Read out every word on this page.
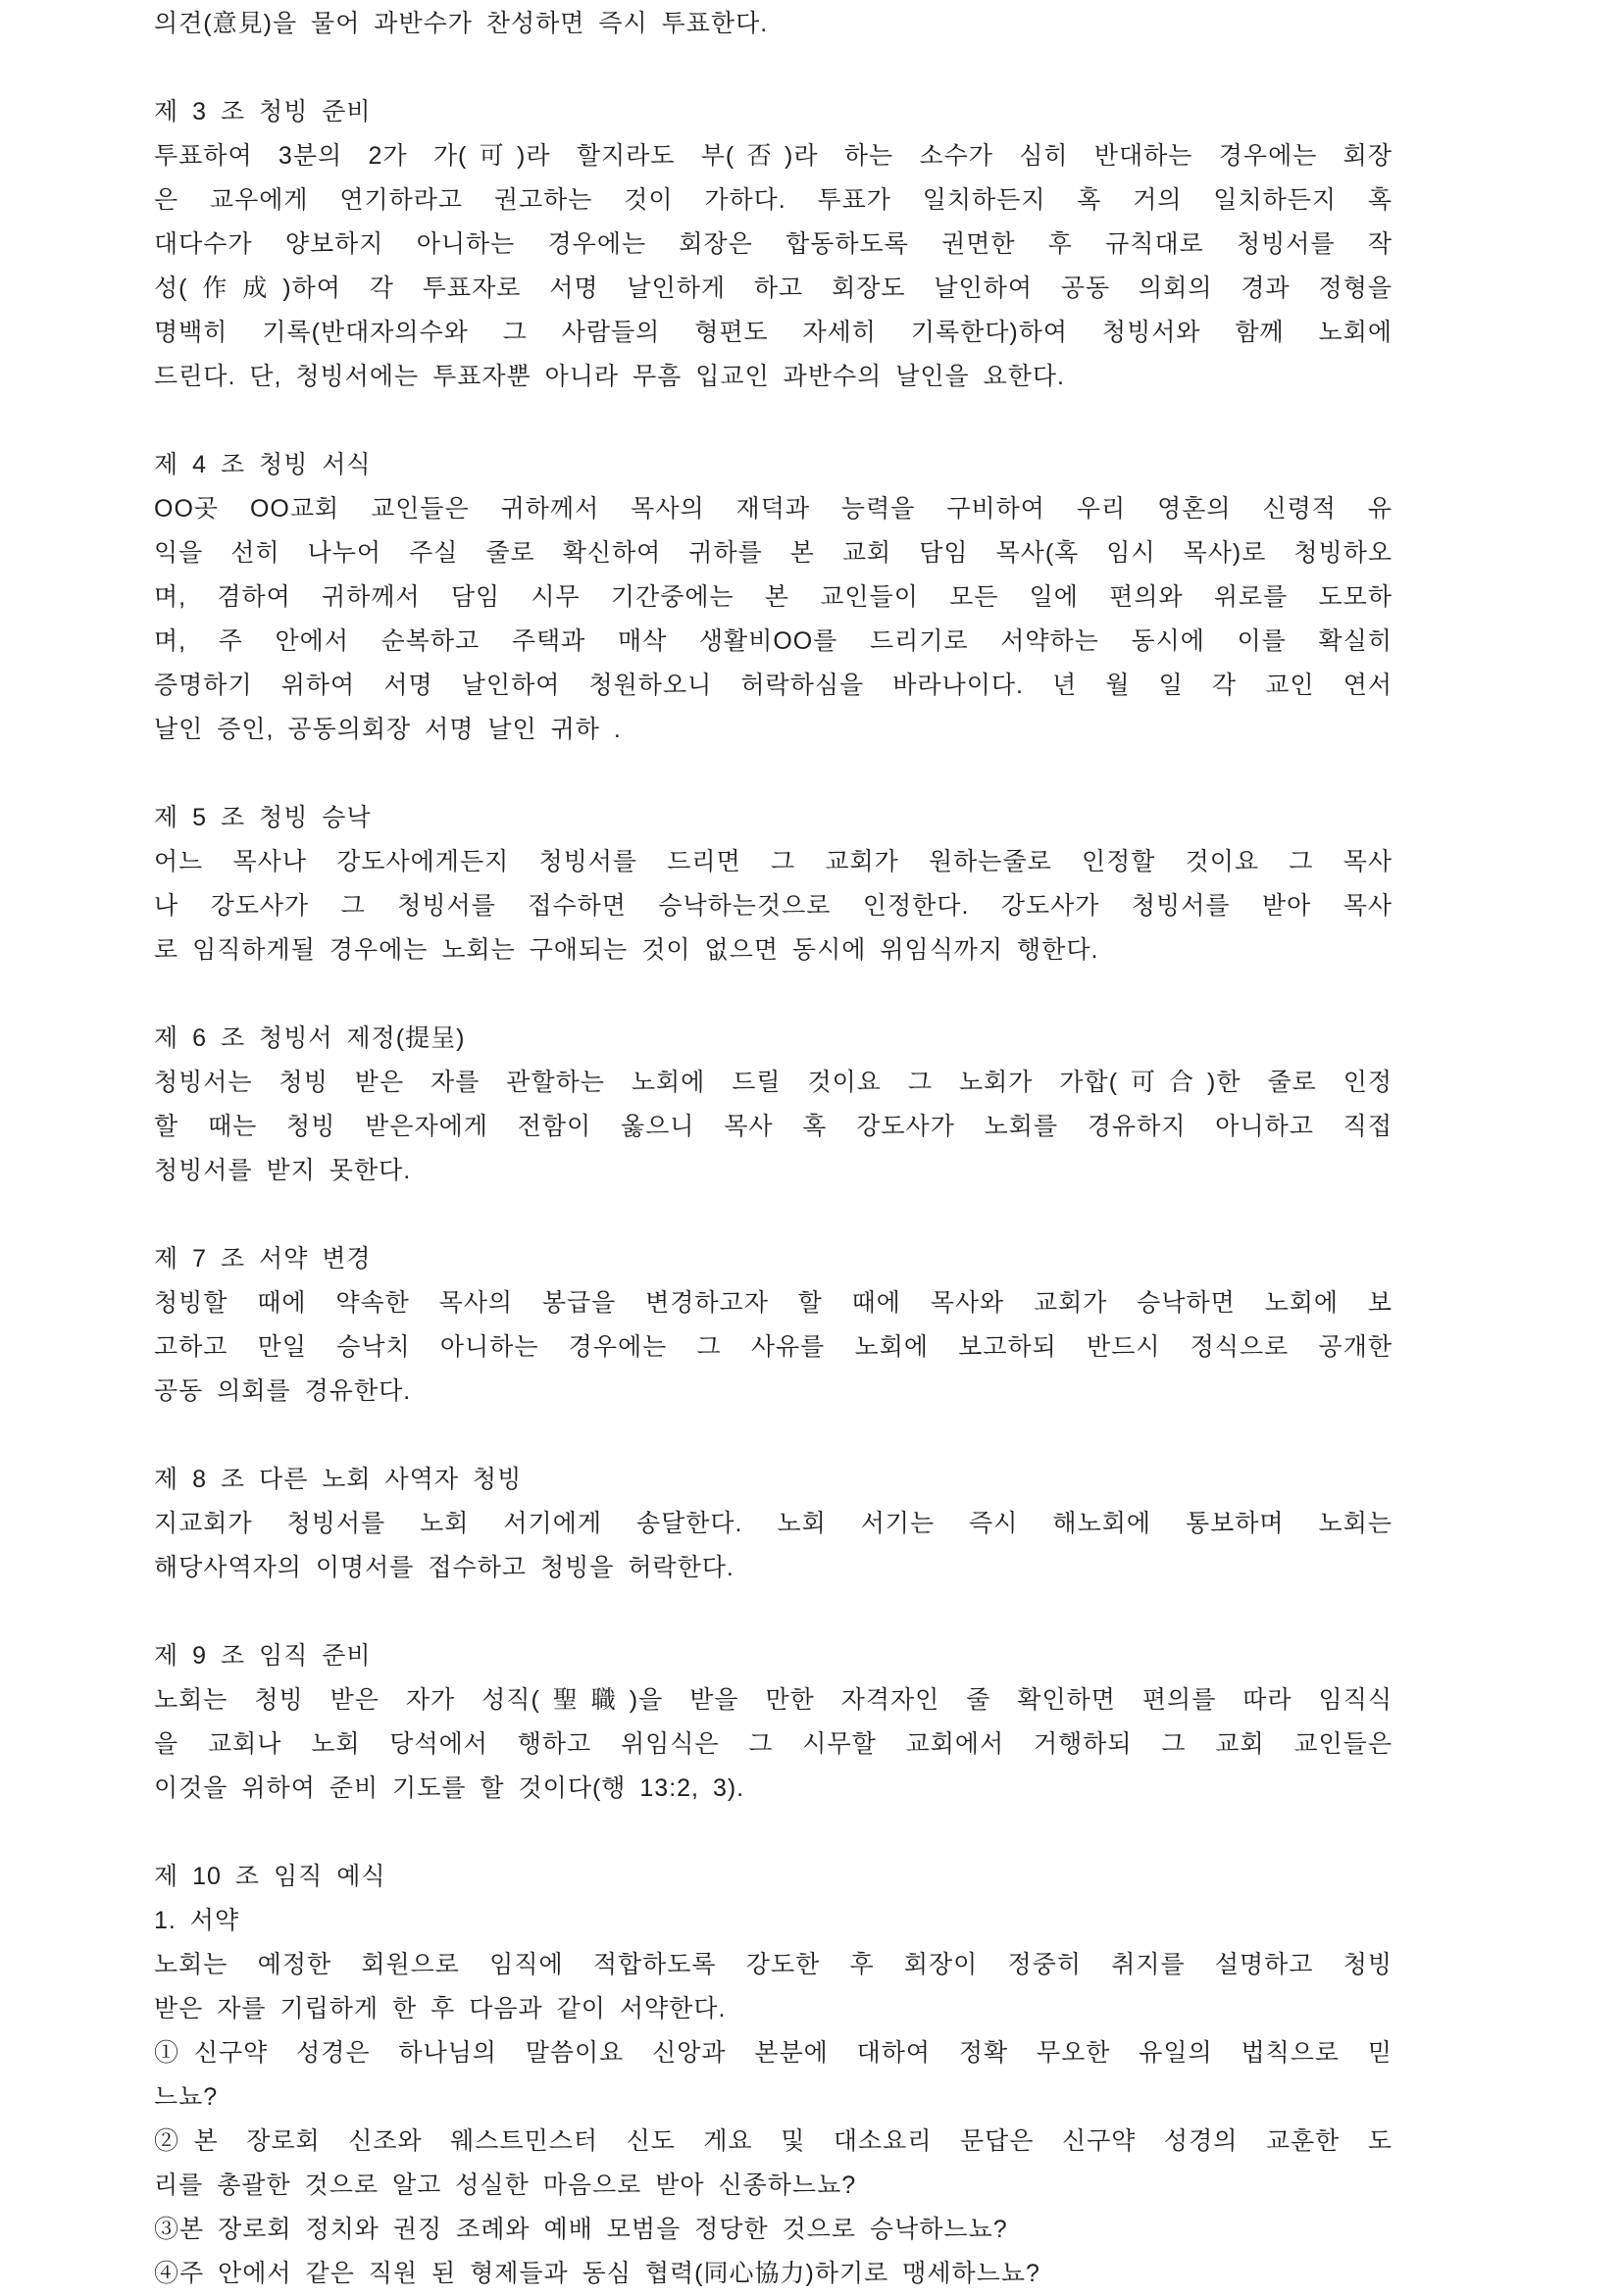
의견(意見)을 물어 과반수가 찬성하면 즉시 투표한다.
제 3 조 청빙 준비
투표하여 3분의 2가 가(可)라 할지라도 부(否)라 하는 소수가 심히 반대하는 경우에는 회장
은 교우에게 연기하라고 권고하는 것이 가하다. 투표가 일치하든지 혹 거의 일치하든지 혹
대다수가 양보하지 아니하는 경우에는 회장은 합동하도록 권면한 후 규칙대로 청빙서를 작
성(作成)하여 각 투표자로 서명 날인하게 하고 회장도 날인하여 공동 의회의 경과 정형을
명백히 기록(반대자의수와 그 사람들의 형편도 자세히 기록한다)하여 청빙서와 함께 노회에
드린다. 단, 청빙서에는 투표자뿐 아니라 무흠 입교인 과반수의 날인을 요한다.
제 4 조 청빙 서식
OO곳 OO교회 교인들은 귀하께서 목사의 재덕과 능력을 구비하여 우리 영혼의 신령적 유
익을 선히 나누어 주실 줄로 확신하여 귀하를 본 교회 담임 목사(혹 임시 목사)로 청빙하오
며, 겸하여 귀하께서 담임 시무 기간중에는 본 교인들이 모든 일에 편의와 위로를 도모하
며, 주 안에서 순복하고 주택과 매삭 생활비OO를 드리기로 서약하는 동시에 이를 확실히
증명하기 위하여 서명 날인하여 청원하오니 허락하심을 바라나이다. 년 월 일 각 교인 연서
날인 증인, 공동의회장 서명 날인 귀하 .
제 5 조 청빙 승낙
어느 목사나 강도사에게든지 청빙서를 드리면 그 교회가 원하는줄로 인정할 것이요 그 목사
나 강도사가 그 청빙서를 접수하면 승낙하는것으로 인정한다. 강도사가 청빙서를 받아 목사
로 임직하게될 경우에는 노회는 구애되는 것이 없으면 동시에 위임식까지 행한다.
제 6 조 청빙서 제정(提呈)
청빙서는 청빙 받은 자를 관할하는 노회에 드릴 것이요 그 노회가 가합(可合)한 줄로 인정
할 때는 청빙 받은자에게 전함이 옳으니 목사 혹 강도사가 노회를 경유하지 아니하고 직접
청빙서를 받지 못한다.
제 7 조 서약 변경
청빙할 때에 약속한 목사의 봉급을 변경하고자 할 때에 목사와 교회가 승낙하면 노회에 보
고하고 만일 승낙치 아니하는 경우에는 그 사유를 노회에 보고하되 반드시 정식으로 공개한
공동 의회를 경유한다.
제 8 조 다른 노회 사역자 청빙
지교회가 청빙서를 노회 서기에게 송달한다. 노회 서기는 즉시 해노회에 통보하며 노회는
해당사역자의 이명서를 접수하고 청빙을 허락한다.
제 9 조 임직 준비
노회는 청빙 받은 자가 성직(聖職)을 받을 만한 자격자인 줄 확인하면 편의를 따라 임직식
을 교회나 노회 당석에서 행하고 위임식은 그 시무할 교회에서 거행하되 그 교회 교인들은
이것을 위하여 준비 기도를 할 것이다(행 13:2, 3).
제 10 조 임직 예식
1. 서약
노회는 예정한 회원으로 임직에 적합하도록 강도한 후 회장이 정중히 취지를 설명하고 청빙
받은 자를 기립하게 한 후 다음과 같이 서약한다.
①신구약 성경은 하나님의 말씀이요 신앙과 본분에 대하여 정확 무오한 유일의 법칙으로 믿
느뇨?
②본 장로회 신조와 웨스트민스터 신도 게요 및 대소요리 문답은 신구약 성경의 교훈한 도
리를 총괄한 것으로 알고 성실한 마음으로 받아 신종하느뇨?
③본 장로회 정치와 권징 조례와 예배 모범을 정당한 것으로 승낙하느뇨?
④주 안에서 같은 직원 된 형제들과 동심 협력(同心協力)하기로 맹세하느뇨?
